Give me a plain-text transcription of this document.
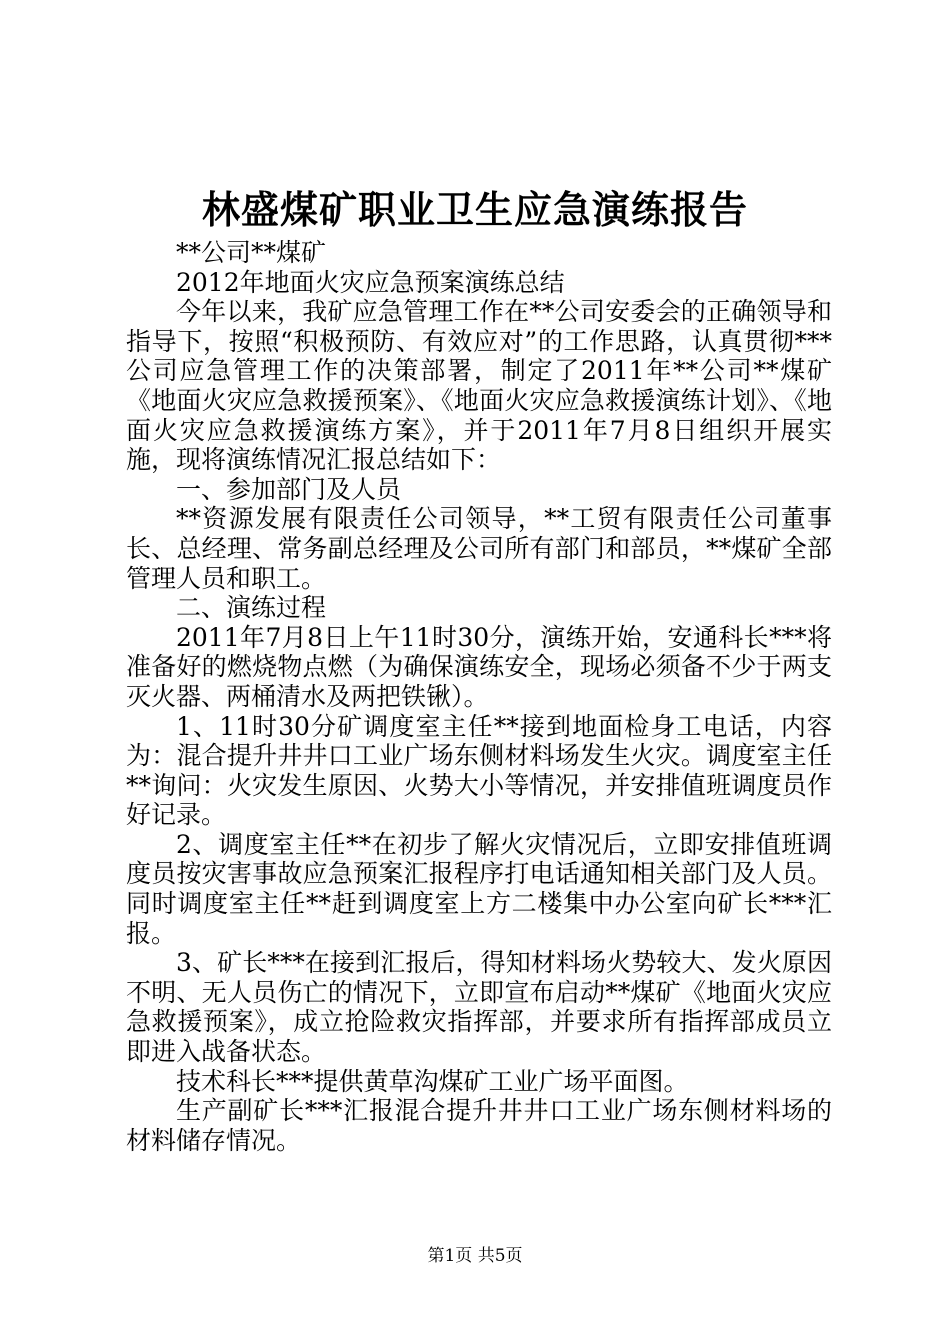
林盛煤矿职业卫生应急演练报告

**公司**煤矿

2012年地面火灾应急预案演练总结

今年以来，我矿应急管理工作在**公司安委会的正确领导和指导下，按照“积极预防、有效应对”的工作思路，认真贯彻***公司应急管理工作的决策部署，制定了2011年**公司**煤矿《地面火灾应急救援预案》、《地面火灾应急救援演练计划》、《地面火灾应急救援演练方案》，并于2011年7月8日组织开展实施，现将演练情况汇报总结如下：

一、参加部门及人员

**资源发展有限责任公司领导，**工贸有限责任公司董事长、总经理、常务副总经理及公司所有部门和部员，**煤矿全部管理人员和职工。

二、演练过程

2011年7月8日上午11时30分，演练开始，安通科长***将准备好的燃烧物点燃（为确保演练安全，现场必须备不少于两支灭火器、两桶清水及两把铁锹）。

1、11时30分矿调度室主任**接到地面检身工电话，内容为：混合提升井井口工业广场东侧材料场发生火灾。调度室主任**询问：火灾发生原因、火势大小等情况，并安排值班调度员作好记录。

2、调度室主任**在初步了解火灾情况后，立即安排值班调度员按灾害事故应急预案汇报程序打电话通知相关部门及人员。同时调度室主任**赶到调度室上方二楼集中办公室向矿长***汇报。

3、矿长***在接到汇报后，得知材料场火势较大、发火原因不明、无人员伤亡的情况下，立即宣布启动**煤矿《地面火灾应急救援预案》，成立抢险救灾指挥部，并要求所有指挥部成员立即进入战备状态。

技术科长***提供黄草沟煤矿工业广场平面图。

生产副矿长***汇报混合提升井井口工业广场东侧材料场的材料储存情况。

第1页 共5页
